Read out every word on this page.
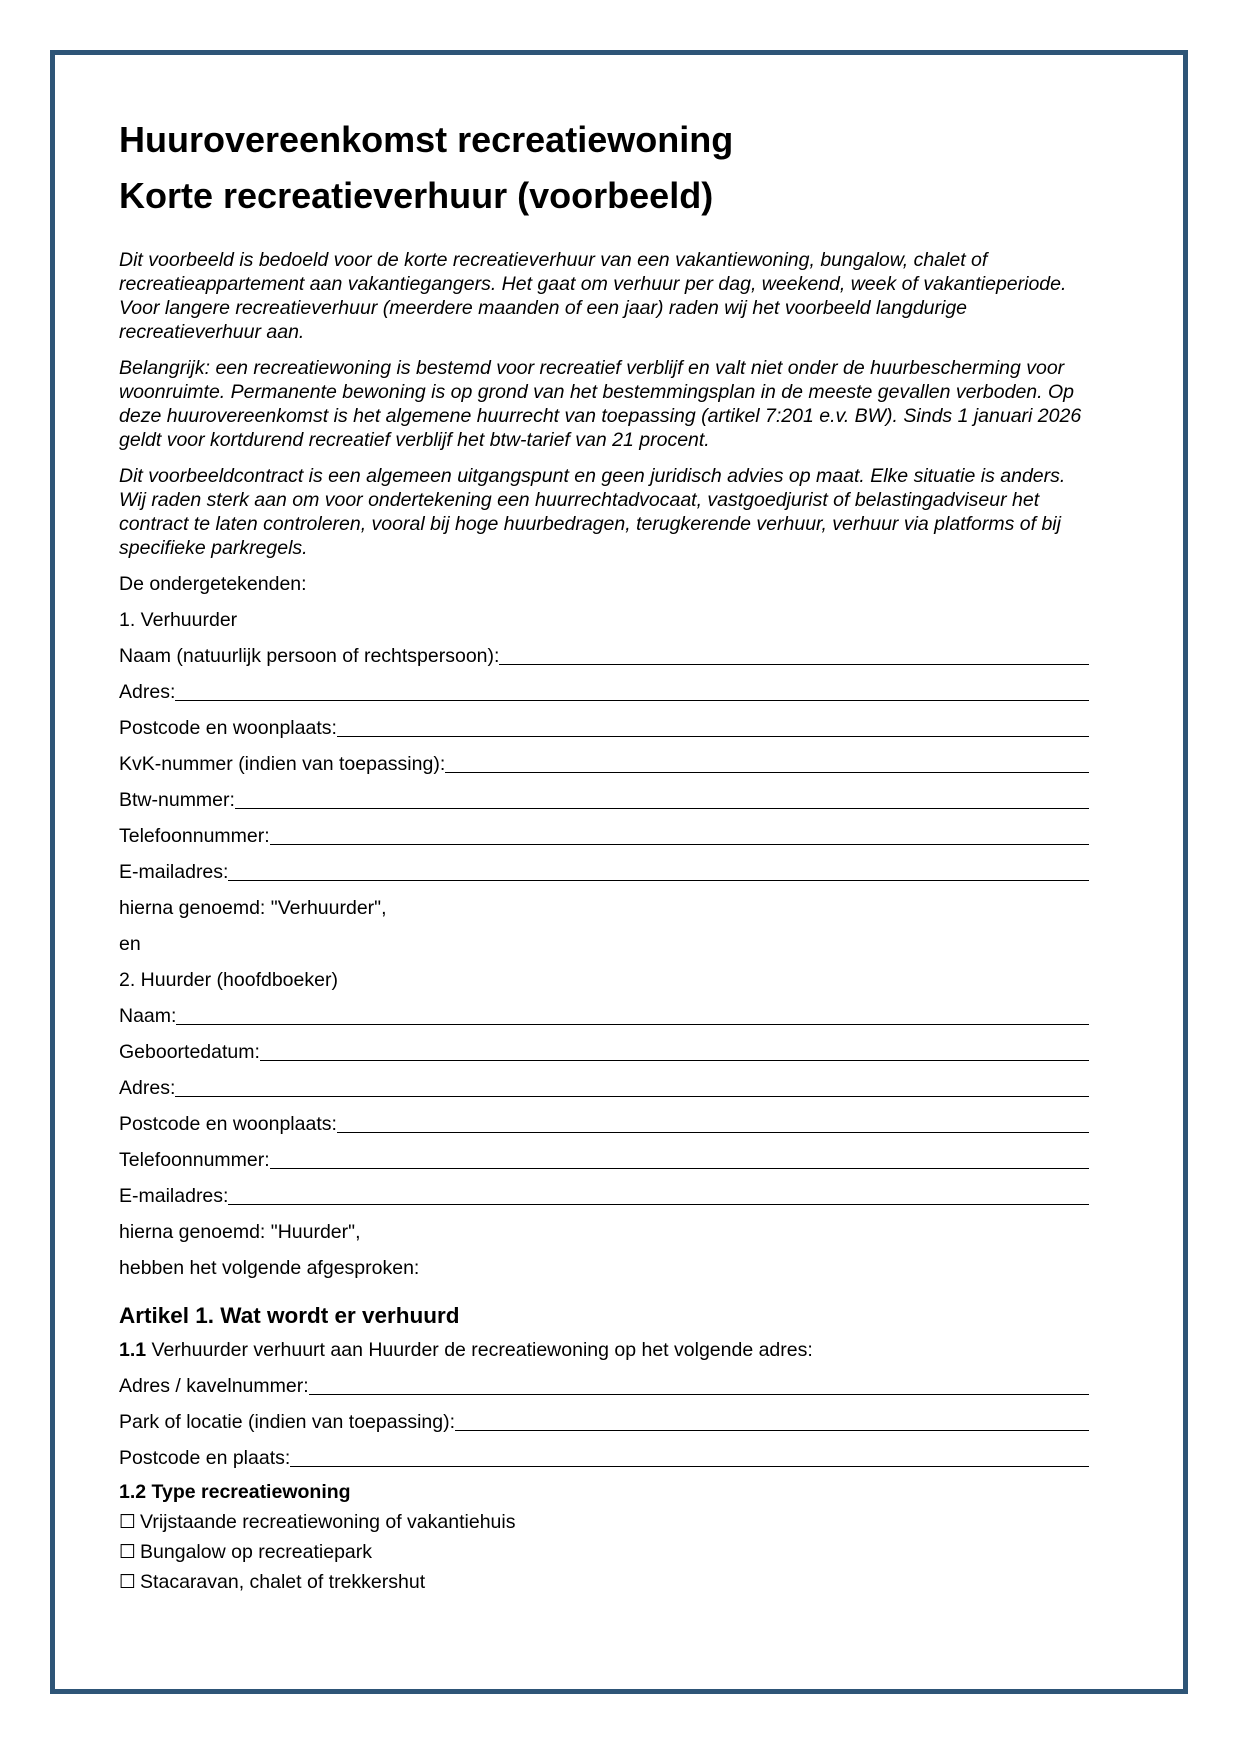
Huurovereenkomst recreatiewoning
Korte recreatieverhuur (voorbeeld)

Dit voorbeeld is bedoeld voor de korte recreatieverhuur van een vakantiewoning, bungalow, chalet of recreatieappartement aan vakantiegangers. Het gaat om verhuur per dag, weekend, week of vakantieperiode. Voor langere recreatieverhuur (meerdere maanden of een jaar) raden wij het voorbeeld langdurige recreatieverhuur aan.

Belangrijk: een recreatiewoning is bestemd voor recreatief verblijf en valt niet onder de huurbescherming voor woonruimte. Permanente bewoning is op grond van het bestemmingsplan in de meeste gevallen verboden. Op deze huurovereenkomst is het algemene huurrecht van toepassing (artikel 7:201 e.v. BW). Sinds 1 januari 2026 geldt voor kortdurend recreatief verblijf het btw-tarief van 21 procent.

Dit voorbeeldcontract is een algemeen uitgangspunt en geen juridisch advies op maat. Elke situatie is anders. Wij raden sterk aan om voor ondertekening een huurrechtadvocaat, vastgoedjurist of belastingadviseur het contract te laten controleren, vooral bij hoge huurbedragen, terugkerende verhuur, verhuur via platforms of bij specifieke parkregels.

De ondergetekenden:
1. Verhuurder
Naam (natuurlijk persoon of rechtspersoon):
Adres:
Postcode en woonplaats:
KvK-nummer (indien van toepassing):
Btw-nummer:
Telefoonnummer:
E-mailadres:
hierna genoemd: "Verhuurder",
en
2. Huurder (hoofdboeker)
Naam:
Geboortedatum:
Adres:
Postcode en woonplaats:
Telefoonnummer:
E-mailadres:
hierna genoemd: "Huurder",
hebben het volgende afgesproken:
Artikel 1. Wat wordt er verhuurd
1.1 Verhuurder verhuurt aan Huurder de recreatiewoning op het volgende adres:
Adres / kavelnummer:
Park of locatie (indien van toepassing):
Postcode en plaats:
1.2 Type recreatiewoning
☐ Vrijstaande recreatiewoning of vakantiehuis
☐ Bungalow op recreatiepark
☐ Stacaravan, chalet of trekkershut
